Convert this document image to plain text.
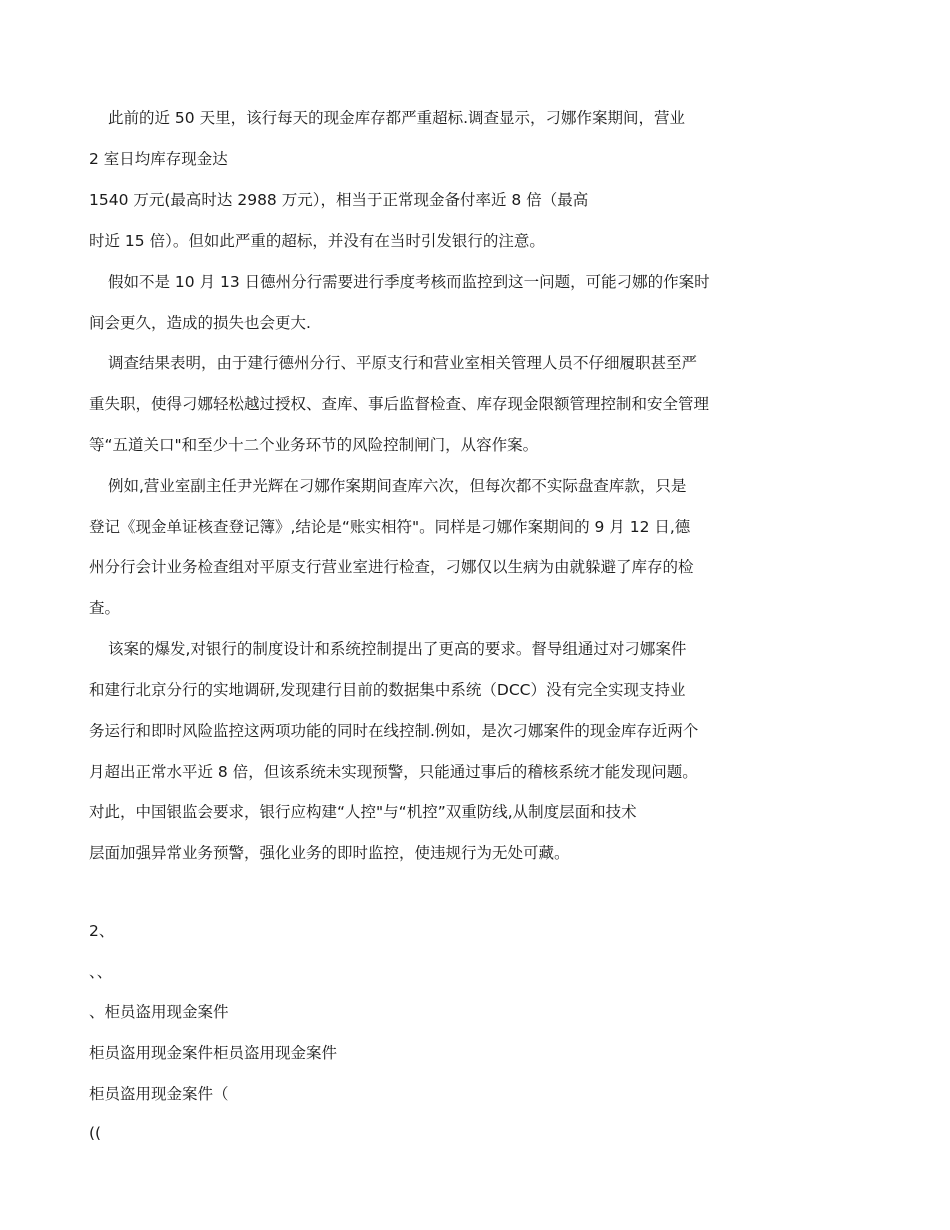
此前的近 50 天里，该行每天的现金库存都严重超标.调查显示，刁娜作案期间，营业
2 室日均库存现金达
1540 万元(最高时达 2988 万元），相当于正常现金备付率近 8 倍（最高
时近 15 倍）。但如此严重的超标，并没有在当时引发银行的注意。
假如不是 10 月 13 日德州分行需要进行季度考核而监控到这一问题，可能刁娜的作案时
间会更久，造成的损失也会更大.
调查结果表明，由于建行德州分行、平原支行和营业室相关管理人员不仔细履职甚至严
重失职，使得刁娜轻松越过授权、查库、事后监督检查、库存现金限额管理控制和安全管理
等“五道关口"和至少十二个业务环节的风险控制闸门，从容作案。
例如,营业室副主任尹光辉在刁娜作案期间查库六次，但每次都不实际盘查库款，只是
登记《现金单证核查登记簿》,结论是“账实相符"。同样是刁娜作案期间的 9 月 12 日,德
州分行会计业务检查组对平原支行营业室进行检查，刁娜仅以生病为由就躲避了库存的检
查。
该案的爆发,对银行的制度设计和系统控制提出了更高的要求。督导组通过对刁娜案件
和建行北京分行的实地调研,发现建行目前的数据集中系统（DCC）没有完全实现支持业
务运行和即时风险监控这两项功能的同时在线控制.例如，是次刁娜案件的现金库存近两个
月超出正常水平近 8 倍，但该系统未实现预警，只能通过事后的稽核系统才能发现问题。
对此，中国银监会要求，银行应构建“人控"与“机控”双重防线,从制度层面和技术
层面加强异常业务预警，强化业务的即时监控，使违规行为无处可藏。
2、
、、
、柜员盗用现金案件
柜员盗用现金案件柜员盗用现金案件
柜员盗用现金案件（
((
